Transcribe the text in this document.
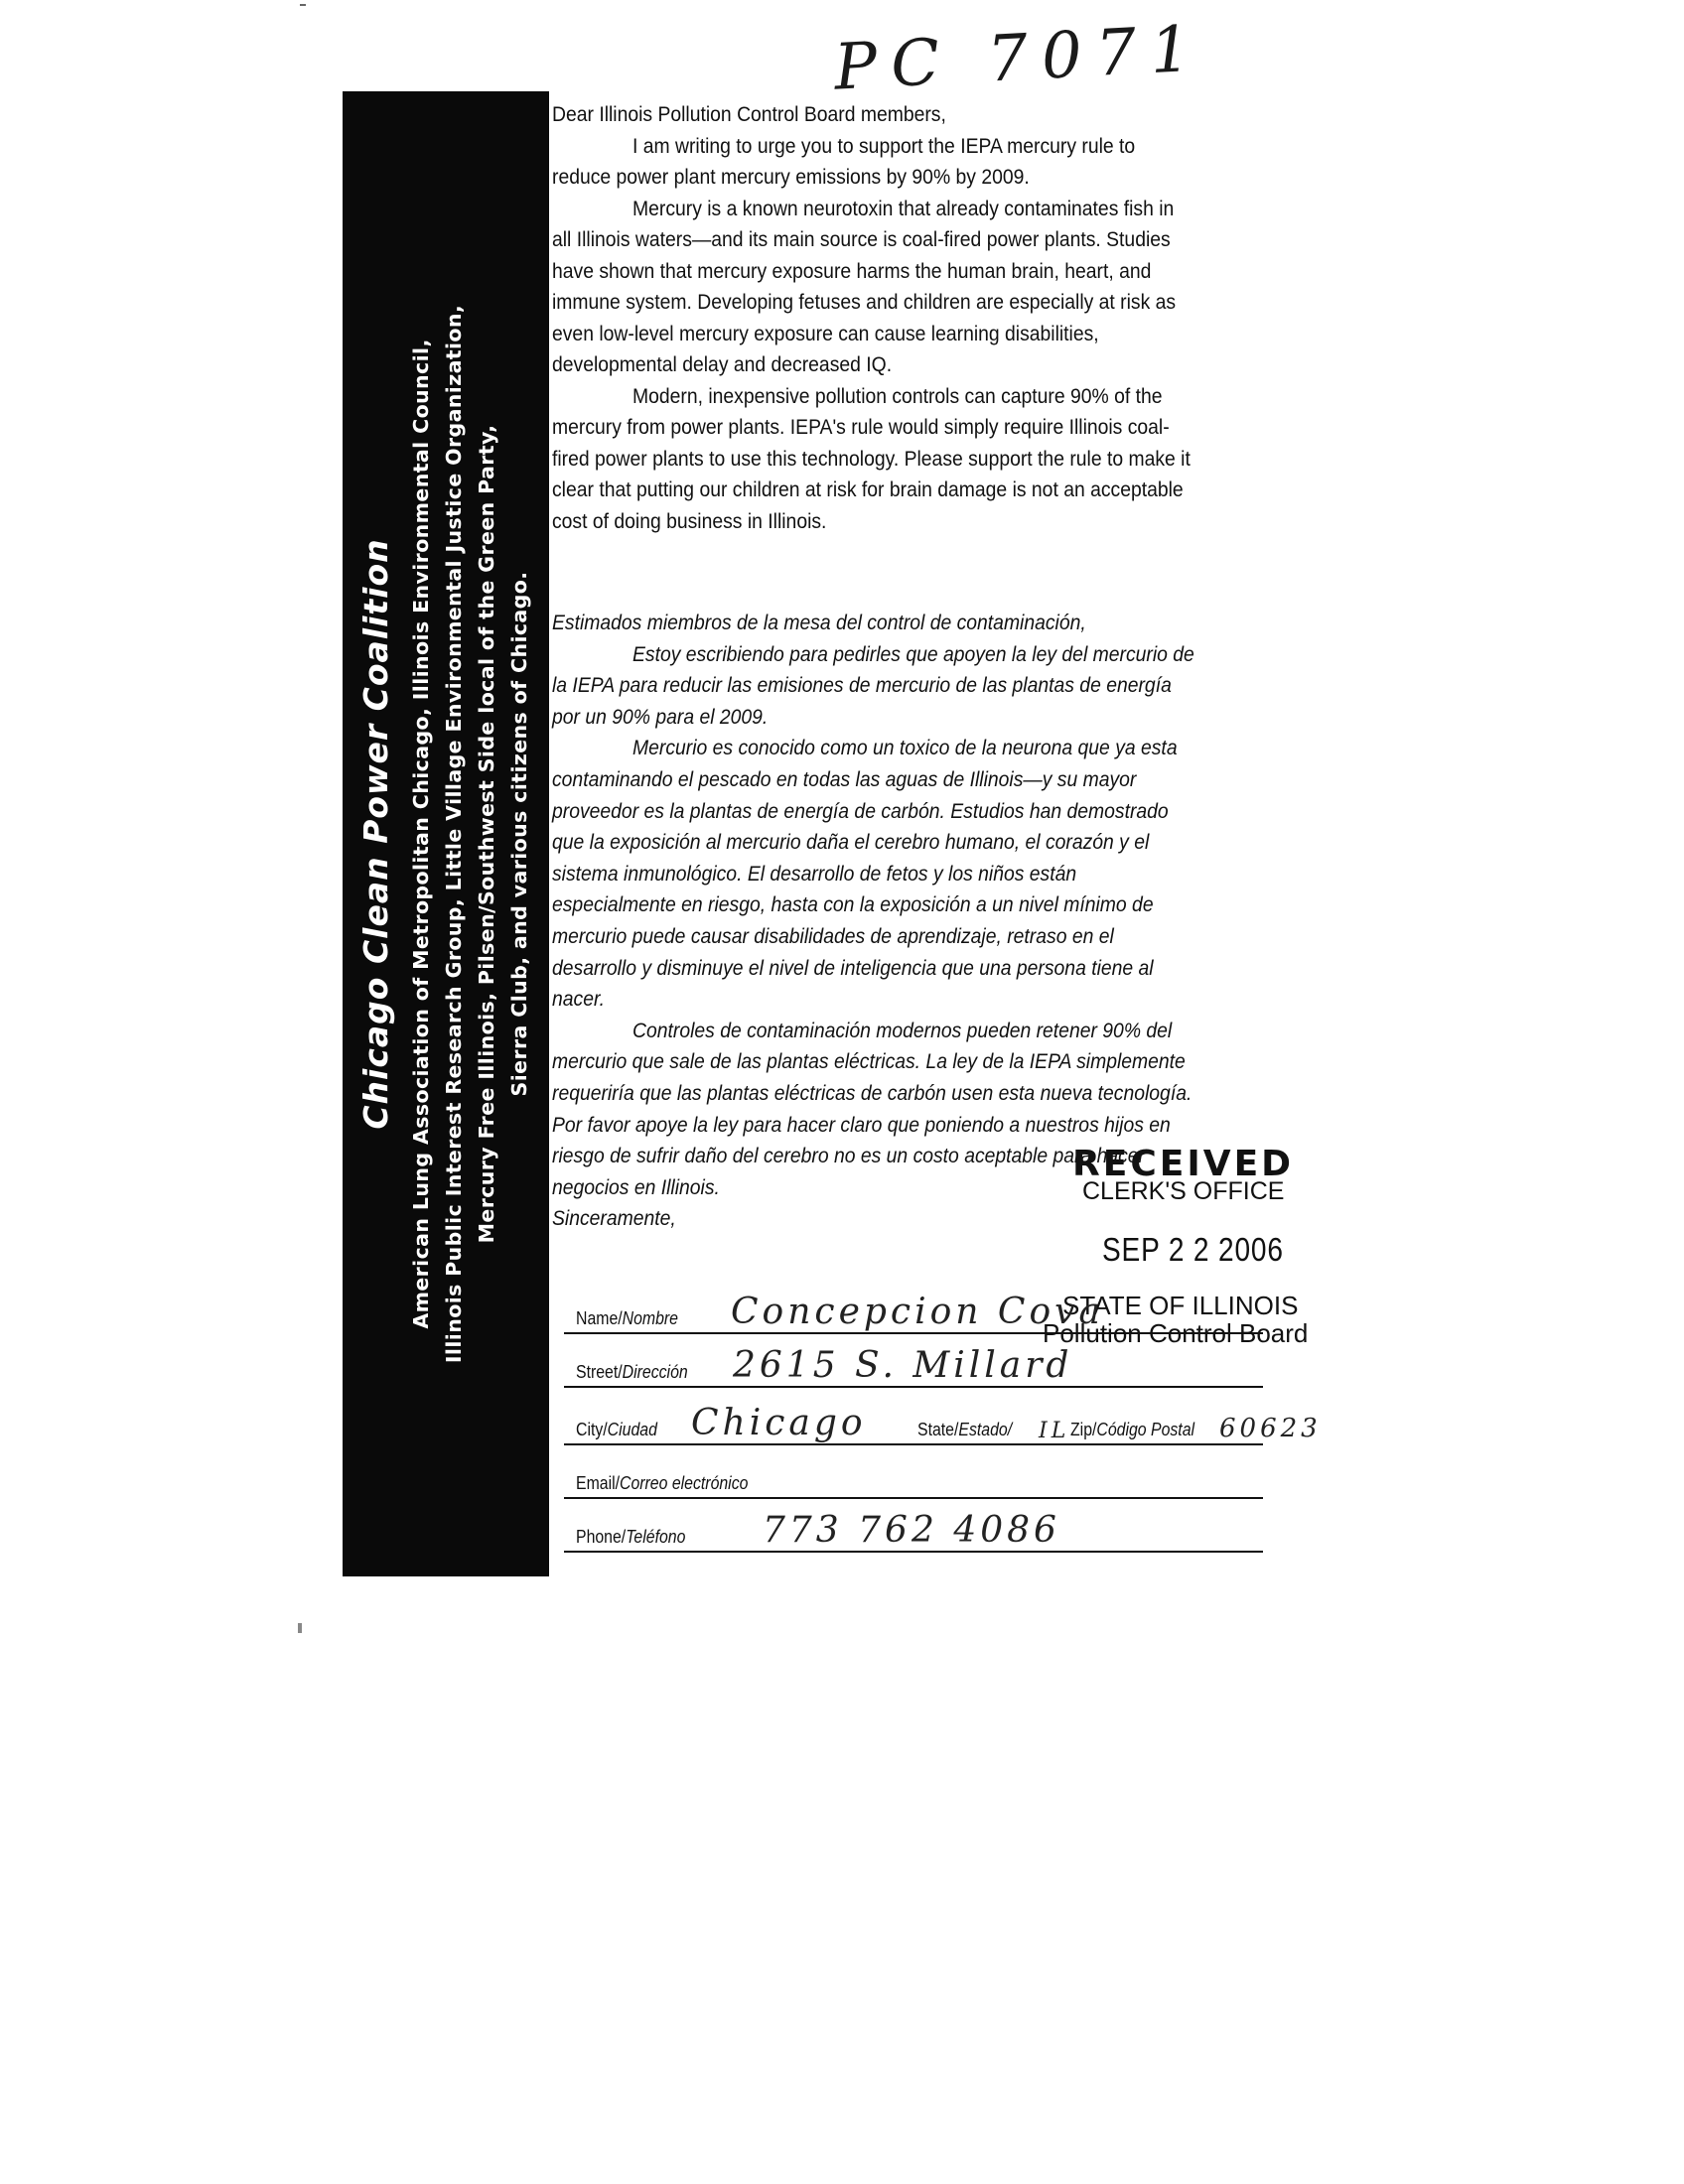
PC 7071
Chicago Clean Power Coalition American Lung Association of Metropolitan Chicago, Illinois Environmental Council, Illinois Public Interest Research Group, Little Village Environmental Justice Organization, Mercury Free Illinois, Pilsen/Southwest Side local of the Green Party, Sierra Club, and various citizens of Chicago.

Dear Illinois Pollution Control Board members,

I am writing to urge you to support the IEPA mercury rule to reduce power plant mercury emissions by 90% by 2009.

Mercury is a known neurotoxin that already contaminates fish in all Illinois waters—and its main source is coal-fired power plants. Studies have shown that mercury exposure harms the human brain, heart, and immune system. Developing fetuses and children are especially at risk as even low-level mercury exposure can cause learning disabilities, developmental delay and decreased IQ.

Modern, inexpensive pollution controls can capture 90% of the mercury from power plants. IEPA's rule would simply require Illinois coal-fired power plants to use this technology. Please support the rule to make it clear that putting our children at risk for brain damage is not an acceptable cost of doing business in Illinois.

Estimados miembros de la mesa del control de contaminación,

Estoy escribiendo para pedirles que apoyen la ley del mercurio de la IEPA para reducir las emisiones de mercurio de las plantas de energía por un 90% para el 2009.

Mercurio es conocido como un toxico de la neurona que ya esta contaminando el pescado en todas las aguas de Illinois—y su mayor proveedor es la plantas de energía de carbón. Estudios han demostrado que la exposición al mercurio daña el cerebro humano, el corazón y el sistema inmunológico. El desarrollo de fetos y los niños están especialmente en riesgo, hasta con la exposición a un nivel mínimo de mercurio puede causar disabilidades de aprendizaje, retraso en el desarrollo y disminuye el nivel de inteligencia que una persona tiene al nacer.

Controles de contaminación modernos pueden retener 90% del mercurio que sale de las plantas eléctricas. La ley de la IEPA simplemente requeriría que las plantas eléctricas de carbón usen esta nueva tecnología. Por favor apoye la ley para hacer claro que poniendo a nuestros hijos en riesgo de sufrir daño del cerebro no es un costo aceptable para hacer negocios en Illinois.

Sinceramente,

RECEIVED
CLERK'S OFFICE
SEP 2 2 2006
STATE OF ILLINOIS
Pollution Control Board
Name/Nombre Concepcion Cova
Street/Dirección 2615 S. Millard
City/Ciudad Chicago	State/Estado/ IL Zip/Código Postal 60623
Email/Correo electrónico
Phone/Teléfono 773 762 4086
